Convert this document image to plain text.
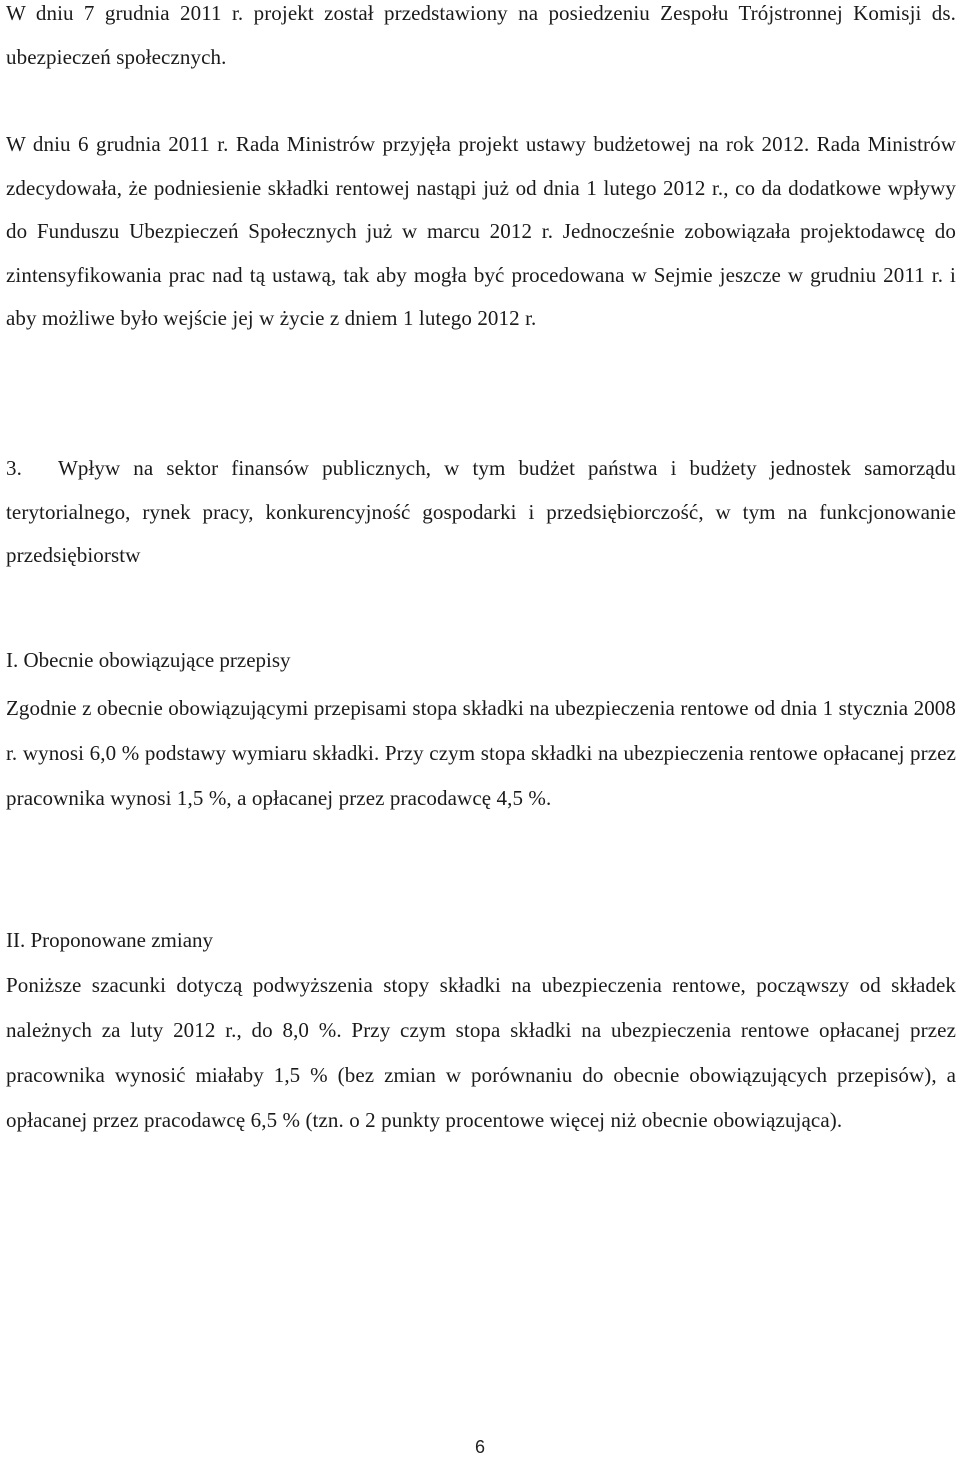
W dniu 7 grudnia 2011 r. projekt został przedstawiony na posiedzeniu Zespołu Trójstronnej Komisji ds. ubezpieczeń społecznych.

W dniu 6 grudnia 2011 r. Rada Ministrów przyjęła projekt ustawy budżetowej na rok 2012. Rada Ministrów zdecydowała, że podniesienie składki rentowej nastąpi już od dnia 1 lutego 2012 r., co da dodatkowe wpływy do Funduszu Ubezpieczeń Społecznych już w marcu 2012 r. Jednocześnie zobowiązała projektodawcę do zintensyfikowania prac nad tą ustawą, tak aby mogła być procedowana w Sejmie jeszcze w grudniu 2011 r. i aby możliwe było wejście jej w życie z dniem 1 lutego 2012 r.

3. Wpływ na sektor finansów publicznych, w tym budżet państwa i budżety jednostek samorządu terytorialnego, rynek pracy, konkurencyjność gospodarki i przedsiębiorczość, w tym na funkcjonowanie przedsiębiorstw

I. Obecnie obowiązujące przepisy

Zgodnie z obecnie obowiązującymi przepisami stopa składki na ubezpieczenia rentowe od dnia 1 stycznia 2008 r. wynosi 6,0 % podstawy wymiaru składki. Przy czym stopa składki na ubezpieczenia rentowe opłacanej przez pracownika wynosi 1,5 %, a opłacanej przez pracodawcę 4,5 %.

II. Proponowane zmiany

Poniższe szacunki dotyczą podwyższenia stopy składki na ubezpieczenia rentowe, począwszy od składek należnych za luty 2012 r., do 8,0 %. Przy czym stopa składki na ubezpieczenia rentowe opłacanej przez pracownika wynosić miałaby 1,5 % (bez zmian w porównaniu do obecnie obowiązujących przepisów), a opłacanej przez pracodawcę 6,5 % (tzn. o 2 punkty procentowe więcej niż obecnie obowiązująca).

6
